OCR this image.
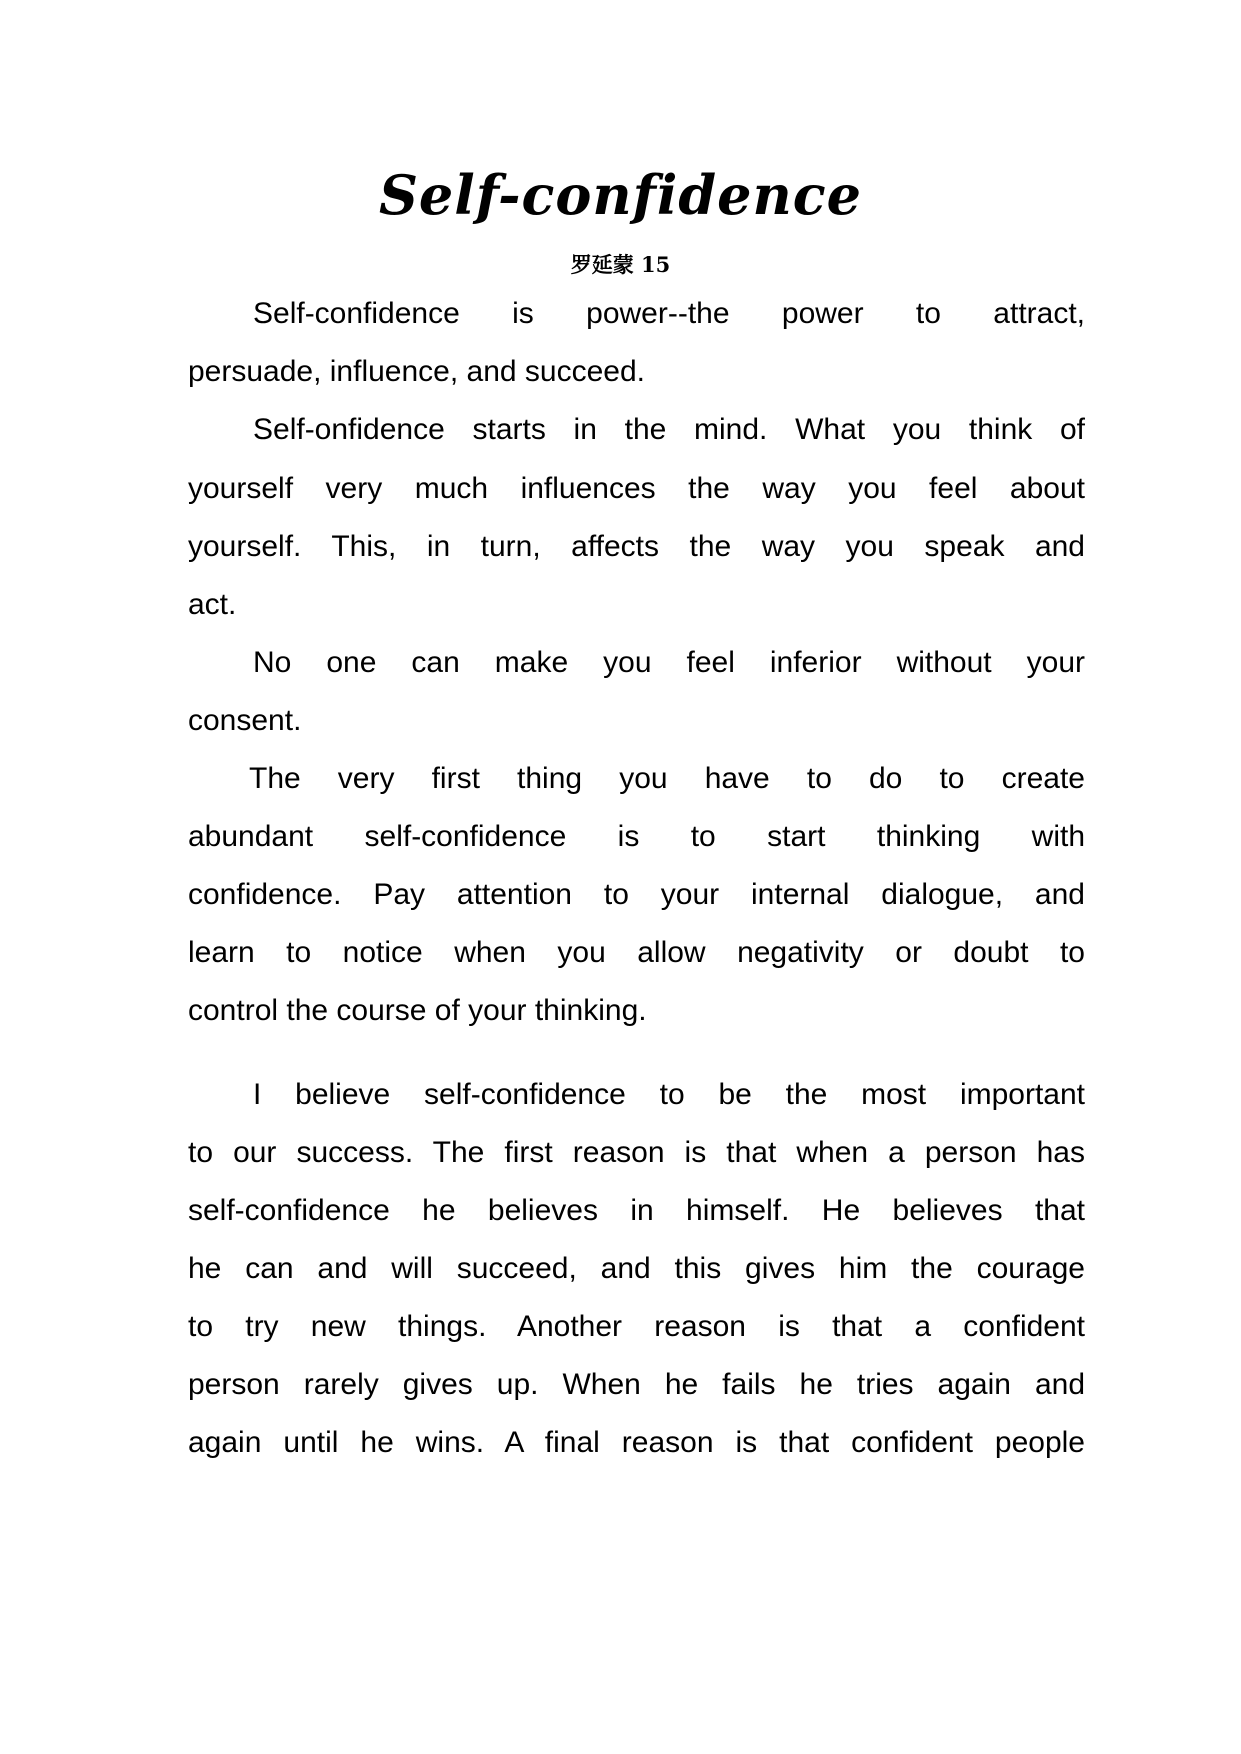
Self-confidence
罗延蒙 15
Self-confidence is power--the power to attract,
persuade, influence, and succeed.
Self-onfidence starts in the mind. What you think of
yourself very much influences the way you feel about
yourself. This, in turn, affects the way you speak and
act.
No one can make you feel inferior without your
consent.
The very first thing you have to do to create
abundant self-confidence is to start thinking with
confidence. Pay attention to your internal dialogue, and
learn to notice when you allow negativity or doubt to
control the course of your thinking.
I believe self-confidence to be the most important
to our success. The first reason is that when a person has
self-confidence he believes in himself. He believes that
he can and will succeed, and this gives him the courage
to try new things. Another reason is that a confident
person rarely gives up. When he fails he tries again and
again until he wins. A final reason is that confident people
